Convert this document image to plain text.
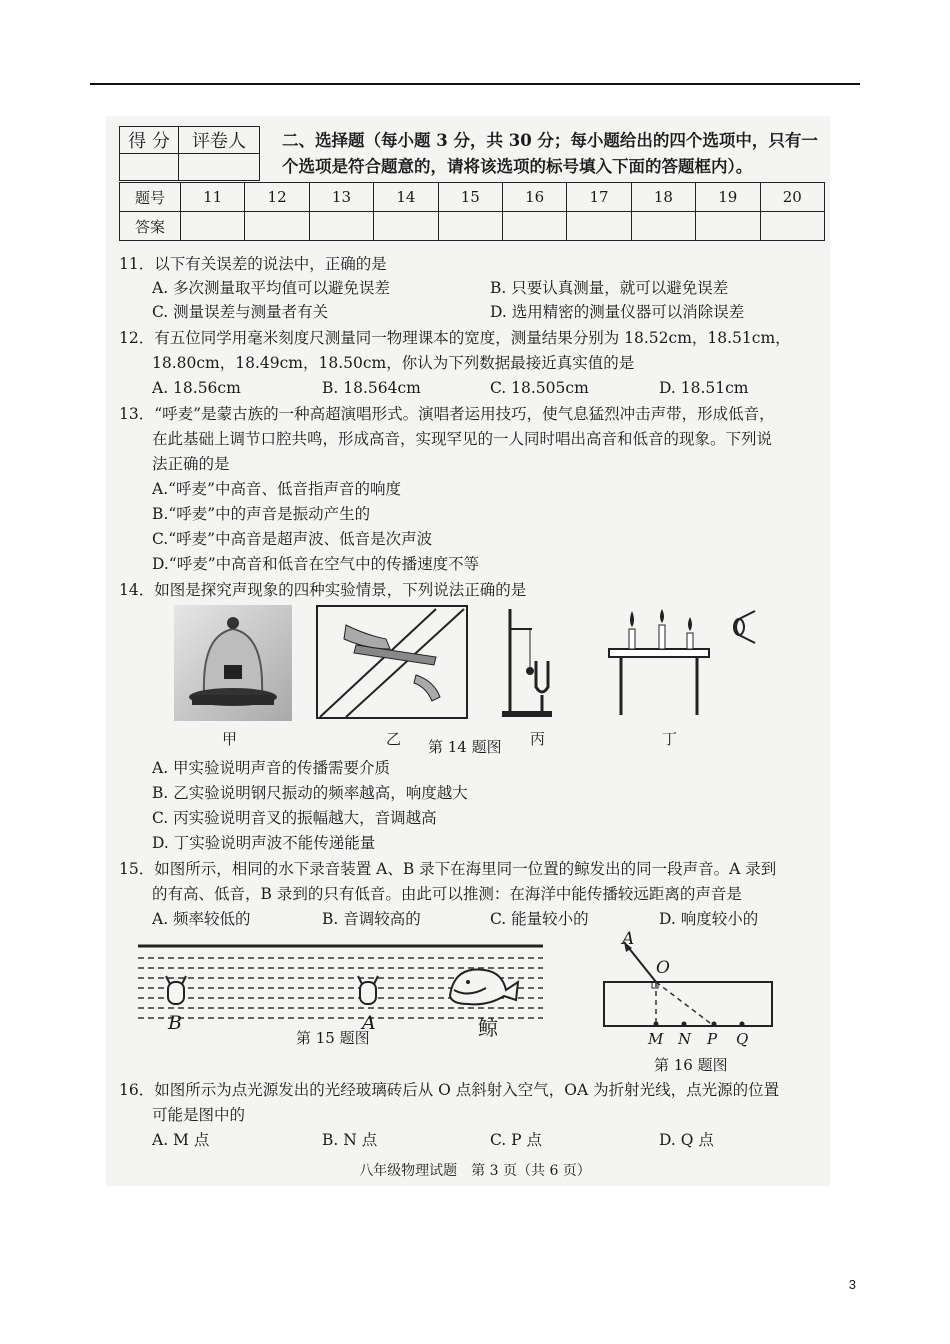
得 分	评卷人
	二、选择题（每小题 3 分，共 30 分；每小题给出的四个选项中，只有一
个选项是符合题意的，请将该选项的标号填入下面的答题框内）。
题号	11	12	13	14	15	16	17	18	19	20
答案										
11．以下有关误差的说法中，正确的是
A. 多次测量取平均值可以避免误差	B. 只要认真测量，就可以避免误差
C. 测量误差与测量者有关	D. 选用精密的测量仪器可以消除误差
12．有五位同学用毫米刻度尺测量同一物理课本的宽度，测量结果分别为 18.52cm，18.51cm，
18.80cm，18.49cm，18.50cm，你认为下列数据最接近真实值的是
A. 18.56cm	B. 18.564cm	C. 18.505cm	D. 18.51cm
13．“呼麦”是蒙古族的一种高超演唱形式。演唱者运用技巧，使气息猛烈冲击声带，形成低音，
在此基础上调节口腔共鸣，形成高音，实现罕见的一人同时唱出高音和低音的现象。下列说
法正确的是
A.“呼麦”中高音、低音指声音的响度
B.“呼麦”中的声音是振动产生的
C.“呼麦”中高音是超声波、低音是次声波
D.“呼麦”中高音和低音在空气中的传播速度不等
14．如图是探究声现象的四种实验情景，下列说法正确的是
甲	乙	丙	丁
第 14 题图
A. 甲实验说明声音的传播需要介质
B. 乙实验说明钢尺振动的频率越高，响度越大
C. 丙实验说明音叉的振幅越大，音调越高
D. 丁实验说明声波不能传递能量
15．如图所示，相同的水下录音装置 A、B 录下在海里同一位置的鲸发出的同一段声音。A 录到
的有高、低音，B 录到的只有低音。由此可以推测：在海洋中能传播较远距离的声音是
A. 频率较低的	B. 音调较高的	C. 能量较小的	D. 响度较小的
B	A	鲸
第 15 题图
A
O
M N P Q
第 16 题图
16．如图所示为点光源发出的光经玻璃砖后从 O 点斜射入空气，OA 为折射光线，点光源的位置
可能是图中的
A. M 点	B. N 点	C. P 点	D. Q 点
八年级物理试题　第 3 页（共 6 页）
3
